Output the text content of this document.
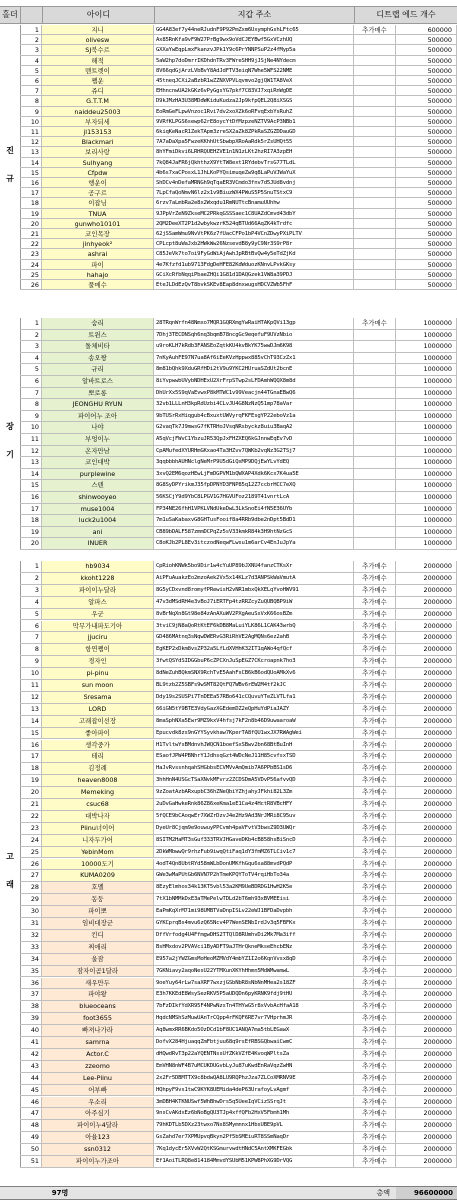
홀더	아이디	지갑 주소	디트랩 에드 개수
진

규
1	지니	GG4A83ef7y44neRJudnF9P92PmZxm6UxymphGshLFtc65	추가매수	600000
2	olivesw	Ax85RnKfa9vF9W27PrBg9wx9oVdCJEYBwf5GxVCzhUQ	500000
3	SJ북수르	GXXaYwEqpLmxFkanzvJPk1Y9c6PrYNNPSuP2z4fMyp5a	500000
4	해적	5aW2hp7doDmrrIKDhdnTRv3FWreSHH9jJSjNe4NYdecm	500000
5	맨트렛이	8V66qdGjArzLVbBvY8AdJdFTV3eiqN7Whe5WFS22NME	500000
6	쨈운	45tneqJCXi2aBzbR1wZZNXVPVLqvmvo2gjQW1TA8VeX	500000
7	쥬디	EHhncnwUA2kGKz6vPyGgsYG7pkf7C83VJ7xqiRnWgDE	500000
8	G.T.T.M	D9kJMzHA3U38MDdWKiduKudza2Jp9kfpQEL2Q8iXSGS	500000
9	naiddeu25003	EoRmGeFLpwVnzoc1Rvi7dv2xoXZk6oRFvqExbYsRuhZ	500000
10	부자되세	9VRfKLPGS6sewp62rE8oycYtDfMzpzeNZTV9AcP3NBb1	500000
11	jl153153	6kiqKeNacR1ZekTApm3zreSX2aZk8ZPkRaSZGZDDauGD	500000
12	Blackmari	7A7aDaXpa5FwzeKKhhUtSbwbpXRoAaRdk5rZsUHQt55	500000
13	보리사랑	8hYFmiDkvi6LRHRQUEHZVE1n1N1zLKt2hzRI7A3zpEH	500000
14	Sulhyang	7kQ84JaFR6jQkhthzX9YtTW8ext1RYdebvTrsG77TLdL	500000
15	Cfpdw	4b6s7xaCPosxL1JhLKoPYQsimuqeZw9q8LaPuVJWaYuX	500000
16	행운이	ShDCv4nDefaMRNGh9qTqaER3VCmdo3fnv7d5JUd8vdnj	500000
17	공구르	7LpCfaQoNmvN6lz2x1v9BiuzWX4PWuS5P5SnuTStxC9	500000
18	이잡님	6rzv7aLmbRa2e8x2Wxqdu1RmNUTtcBnamuUUhhw	500000
19	TNUA	9JPpVrZeN9ZkseMC2PRkqGSSSaec1C8UAZdCmvd43dbY	500000
20	gunwho10101	2QM2DeeXT2P1d2wbykwzrK524qBTUd66AqZK4kTrdfc	500000
21	코인목장	62jSSamWmu9NvVtPK6z7fUacCFPo1bP4VCnZDwyPXiPLTV	500000
22	jinhyeok²	CPLcpt8uWaJxb2HWkWw26NzsevdB8y9yC9Nr3S9rP8r	500000
23	ashrai	C85JeVk7to7oi9FyGdWiAjAwhJpRBtBvQw4y5eTdZjKd	500000
24	파이	4e7Kfzfd1ub9713FdgDeHFE82KdWduozKNnvLPvkGKsy	500000
25	hahajo	GCiXcRfbNqqiPbaeZHQi1G81d1DAQGzek1VW8a39PDJ	500000
26	풀메수	EteJLDdEzQvT8bvkSKEv8Eap8dnxwugsHDCVZWb5FhF	500000
장

기
1	숨리	28TRqnWrfn48Nmxo7MQR1GQRXmgYwRaiHTAKpQVi13gp	추가매수	1000000
2	트윈스	7Dhj3TECDNSqh6nq3bqmB78ncgGc9eqefuF9UVzNbio	1000000
3	돌체비타	u9roKLH7kRdb3FANSEoZqtkKU4kvBkYK75wwDJm6K98	1000000
4	송오짱	7nKyAuhFE97N7ua8Af6iEeKVzHppwx885vChT93CzZx1	1000000
5	규리	8m81bQhk9XduGRfHDi2tV9u9YKC2HUruaSZdUt2bcnE	1000000
6	알바트로스	8iYvpwwbUVybNDHExU2XrFrpSTwp2sLFDAmhWQQX8m8d	1000000
7	뽀로롱	DhUrXx5S9qVaEvwxP8kMTWC1v99Veacjn44TGnaEBwQ6	1000000
8	JEONGHU RYUN	32vb1LLLnH3kpRdUzbi4CLvJU4G8NzNzQ51mp78aVar	1000000
9	파이어누 조아	9bTUSrRxHiqgub4cBxuxtUWVyrqFKFEsgYP22eboVz1a	1000000
10	나야	G2vaqTk7J9mwsG7fKTRHoJVsqNRsbyckz8uiu3BaqA2	1000000
11	부엉이누	A5qVcjFWvC1YbzuJR53QpJxFHZXEQ6kGJnnwEqEv7vD	1000000
12	온자만남	CpAMufedXYURHmGKxao4Ta3HZvv7QWKb2vqNz3G2TSj7	1000000
13	코인대박	3qqbbbhAUHNclgNeMrP9U5dGiQxMP9DQjEwYLvYdEQ	1000000
14	purplewine	3xvQ2EM6qozHEwLjFmDGPVM1bQWXAP4Xdk6Kcx7K4ua5E	1000000
15	스텐	8G8SyDPYrikmJ35fpDPNYD3FNP85q12Z7ccbrHCC7eXQ	1000000
16	shinwooyeo	56KSCjY9d9YbC8LPGV1G7HGVUFoz2189T41vnrtLcA	1000000
17	muse1004	FP34NE26fhH1VPKLVNdUkeDwL3LkSnoEi4fN5E36UYb	1000000
18	luck2u1004	7m1uSaKabaxvG8GHTusFooif8a4RRb9dbe2nDpt5BdD1	1000000
19	ani	CB89bDALF587zmmDCPqZz5sV33kmkR84k3H9htNzGcS	1000000
20	INUER	C8oKJb2PL8Ev3itczodNeqwFLwsu1m6arCv4EnJuJpYa	1000000
고

래
1	hb9034	CpRiohKNWk5bo9Dir1w4cYuUP89bJXNU4fanzCTKsXr	추가매수	2000000
2	kkoht1228	AiPFuAuakzEo2mzoAek2Vx5x14KLz7d3ANPSkWaVmutA	추가매수	2000000
3	파이이누달라	8G5yCDxvnd8romyfPRewisH2vNR1mbxQkXELqYvoHWV91	추가매수	2000000
4	알파스	47v3dMSdRH4e3vBoJ7iERTFp4tzRRZcyZuQUBQBP9iW	추가매수	2000000
5	우군	8vBrNqXn8Gt98e84zAnAXuWV2PXgAeuSsVxK66osBZm	추가매수	2000000
6	막무가내파도기아	3tviC9jN8aQoRtKtEF6kDB8MaLuiYLK86L1CAK43wrbQ	추가매수	2000000
7	jjuciru	GD486MAtnq3sNqwDWERvG3RiRhVE2AgMQNs6ez2ahB	추가매수	2000000
8	항연쨈이	EgKEP2xDkm8vsZP32a5LfLdXVHhK32IT1qAWo4qfQcf	추가매수	2000000
9	경자인	3fwtQSYdSIDGGbuP6cZPCXnJuSpEGZ7CKcroapnk7ho3	추가매수	2000000
10	pi-pinu	8dNeZuhBQkmSNX9RchTvE5AahFsCB6kB6odQUoAMkXv6	추가매수	2000000
11	sun moon	BL9tzb2Z5SBFs9wSMT82QtFQ7WBv6rEW2M4tf2kJC	추가매수	2000000
12	Sresama	Ddy19s2SUSPi7TnDEEa57RBo641cCQuvuYTeZLVTLfa1	추가매수	2000000
13	LORD	66iGN5tY9BTE3VdyGazXGEdemDZ2eQpHuYdPiaJAZY	추가매수	2000000
14	고래잡이선장	8maSphNXa5Ewr9MZ9kxV4hfsj7kF2n8b46D9uwaaroaW	추가매수	2000000
15	좋아파이	Epucvdk8zs9nGYYSyvkhaw7KperTA8fQU1wxJX7RWAgWei	추가매수	2000000
16	생각중가	H1TvltwYsBMdnvhJWQCN1boefSxSBwv2bn68BtBuInH	추가매수	2000000
17	테리	ESaofJPW4PBNhrY1JdhsqGzt4WDcNeJ11H85cvfsxTSD	추가매수	2000000
18	김정례	HaJvRvssnhqahSHGbbsECVMVvAmQmib7A6PPbBS1sD6	추가매수	2000000
19	heaven8008	3hhHnN4USGcTSaXNvkMFvrz2ZCDSDmA5VDvP56afvvQD	추가매수	2000000
20	Memeking	9zZoatAzbARxupbC36hZNeQbiYZhjahyJFkhi82L3Zm	추가매수	2000000
21	csuc68	2uDvGaHwkeRnk86Z86xeKma1eE1Ca4z4HctR8VBcHFY	추가매수	2000000
22	대박나자	5fQCE9bCAoqwEr7XWZrDzvJ4e2Hz9Ad3NrJMRi8C95uv	추가매수	2000000
23	Piinu너이어	DyeUr8Cjqm9e9ouwuyPPCvmh4paVFvtV3bwsZ9D3UWQr	추가매수	2000000
24	니자두가어	8SITM2HaMT3sGuf333TRVJHGaveDKb4cB858hsBiSncD	추가매수	2000000
25	YebinMom	2DkWMbwwQr9rhzFub9iwqQtiFaq1dY3fmMZ6TLCiv1c7	추가매수	2000000
26	10000도기	4odT4Qn8UbtRYd58mWLbDonUMKfhGqu6sa88mvdPQdP	추가매수	2000000
27	KUMA0209	GWe3wMaPUtGb6NVN7P2hTmeKPQYToTV4rqiHbTo34a	추가매수	2000000
28	호멜	8EzyElmhos34k13KT5vbl53a2KM9UeBDRDG1HwH2K5e	추가매수	2000000
29	동둥	7tX1bNMMkDxE3aTMePelwTDLd2bT6mh93xBVMEEisi	추가매수	2000000
30	파이뽀	EaPmKqXrM71mi98UMBTVaDnpISLv22eWJ1BFDaDvpbh	추가매수	2000000
31	임비대장군	GYKCprqBs4mvu6zQ65Ncv4P7WenSENbIrdJv3q5FBFKx	추가매수	2000000
32	킨디	DffVrfodg4U4FfmgwDHS2TTQlD8RUmhvDi2Mk7Ma3iff	추가매수	2000000
33	찌애리	BsHMxdov2PVAVci1ByADFT9aJTHrQkneMkseEhcbENz	추가매수	2000000
34	울잠	E957a2jYWZGmsMoHeoMZMVdY4mbYZ1I2o6KqnVvsx8qD	추가매수	2000000
35	잠자이곰1달라	7GKNiavy2aqoNesU22YTMXunXKYhHhmn5MdWMwamwL	추가매수	2000000
36	새우만두	9oeYuy64rLw7saXRF7wxzjGSbNbR8sNbNnMHea2s18ZF	추가매수	2000000
37	파야왕	E3h7KKEdE8WsySezRKV5P5aUDQDn6pyKRNK9fdj9tHU	추가매수	2000000
38	blueoceans	7bFzDIkfYdXR95F4NPwNzsTn4THYwG5r8xVvbAcHfaA18	추가매수	2000000
39	foot3655	HqdcNMShSzMuwUAnTrCQpp4rFKQF6RE7vr7VHprhmJR	추가매수	2000000
40	빠져나가라	Aq8wmxRR6BKdo5OzDCd1bF8UC1ANQA7ma5tbLEGawX	추가매수	2000000
41	samrna	DofvX284HjuaqqZmFbtjuu68q9rsEfRBSGQbwaiCwmC	추가매수	2000000
42	Actor.C	dHQwdRvT3p22aYQENTNssUfZKkVZfE4KvoqWPltsZa	추가매수	2000000
43	zzeomo	EmVHN8nWF4B7uMCUKDUGvbLyJu87uKwdEnRaVqzZwHN	추가매수	2000000
44	Lee-Piinu	2x2Fr5DBMTTX9c8bdwQA8LU9RQPhzJza7ZLCoXMRNV9E	추가매수	2000000
45	어부빠	HQhpyF9vs1twC9KYK8UEMida4deP63UrafoyLvAgmf	추가매수	2000000
46	우소리	3mDBH4KTKNUSwf5WhBhwDrs5q5UeeIqVCizSSrqJt	추가매수	2000000
47	아주심기	9nsCvAKdxEz6bNoBgQU3TJp4xffQFb2HxV5Fbmh1Mh	추가매수	2000000
48	파이이누4달라	79hKDTLb5DXz23twxo7Ns8SMymnnx1HbsUBE9pVL	추가매수	2000000
49	아율123	GsZahd7er7XPMUpvqBkyn2Pf5bSMEiuRT8SSmNaqDr	추가매수	2000000
50	ssn0312	7Kq1dycEr5XVvW2QtKSGmurvwdtHNdC5AntXMKFEGbk	추가매수	2000000
51	파이이누가조아	Ef1AoiTLRQ8e814184MmvdYSUbM51KPW8PhXG9DrVQG	추가매수	2000000
97명	총액	96600000
